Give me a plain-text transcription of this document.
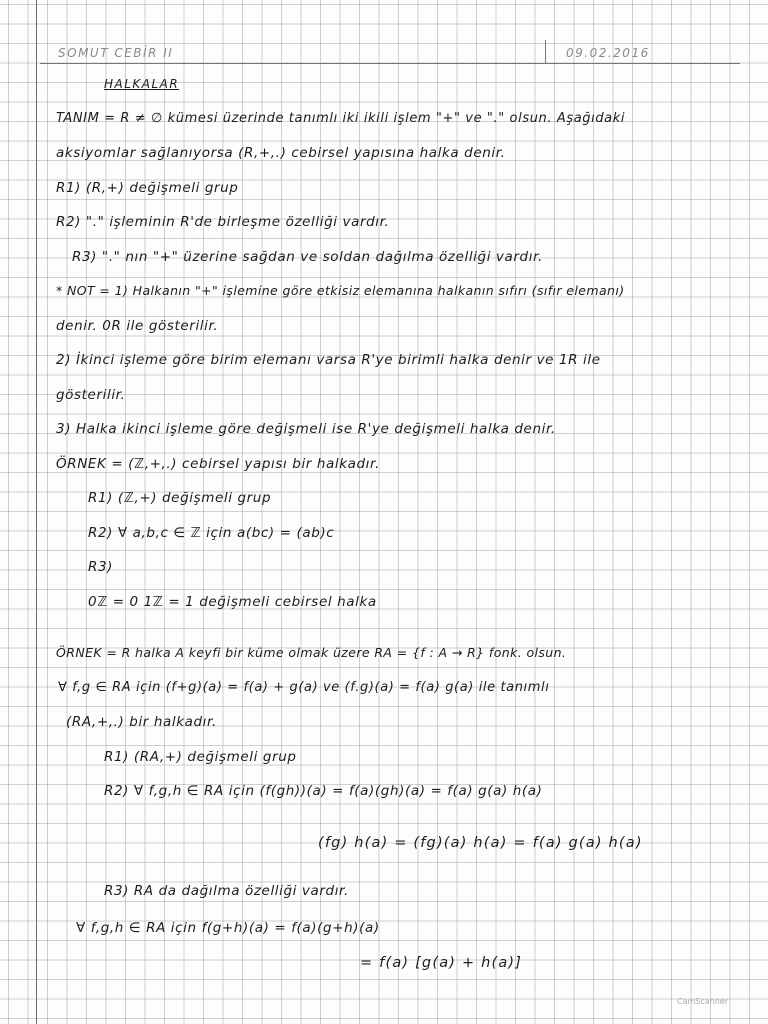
SOMUT CEBİR II	09.02.2016

HALKALAR

TANIM = R ≠ ∅ kümesi üzerinde tanımlı iki ikili işlem "+" ve "." olsun. Aşağıdaki

aksiyomlar sağlanıyorsa (R,+,.) cebirsel yapısına halka denir.

R1) (R,+) değişmeli grup

R2) "." işleminin R'de birleşme özelliği vardır.

R3) "." nın "+" üzerine sağdan ve soldan dağılma özelliği vardır.

* NOT = 1) Halkanın "+" işlemine göre etkisiz elemanına halkanın sıfırı (sıfır elemanı)

denir. 0R ile gösterilir.

2) İkinci işleme göre birim elemanı varsa R'ye birimli halka denir ve 1R ile

gösterilir.

3) Halka ikinci işleme göre değişmeli ise R'ye değişmeli halka denir.

ÖRNEK = (ℤ,+,.) cebirsel yapısı bir halkadır.

R1) (ℤ,+) değişmeli grup

R2) ∀ a,b,c ∈ ℤ için a(bc) = (ab)c

R3)

0ℤ = 0 1ℤ = 1 değişmeli cebirsel halka

ÖRNEK = R halka A keyfi bir küme olmak üzere RA = {f : A → R} fonk. olsun.

∀ f,g ∈ RA için (f+g)(a) = f(a) + g(a) ve (f.g)(a) = f(a) g(a) ile tanımlı

(RA,+,.) bir halkadır.

R1) (RA,+) değişmeli grup

R2) ∀ f,g,h ∈ RA için (f(gh))(a) = f(a)(gh)(a) = f(a) g(a) h(a)

(fg) h(a) = (fg)(a) h(a) = f(a) g(a) h(a)

R3) RA da dağılma özelliği vardır.

∀ f,g,h ∈ RA için f(g+h)(a) = f(a)(g+h)(a)

= f(a) [g(a) + h(a)]

CamScanner
